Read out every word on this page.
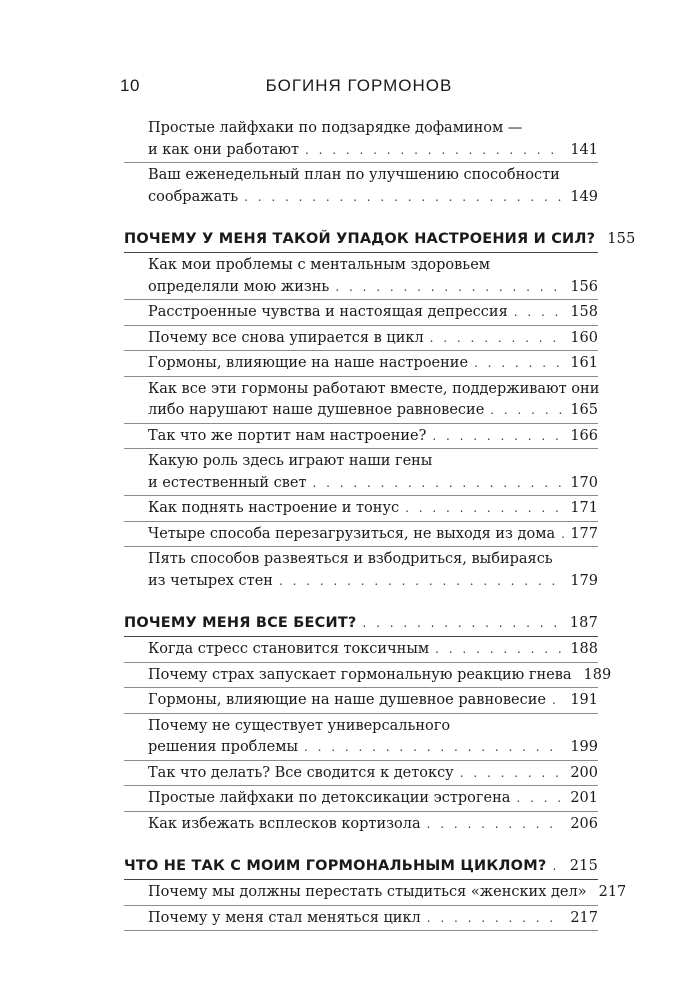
10	БОГИНЯ ГОРМОНОВ
Простые лайфхаки по подзарядке дофамином —
и как они работают . . .	141
Ваш еженедельный план по улучшению способности
соображать . . .	149
ПОЧЕМУ У МЕНЯ ТАКОЙ УПАДОК НАСТРОЕНИЯ И СИЛ? 155
Как мои проблемы с ментальным здоровьем
определяли мою жизнь . . .	156
Расстроенные чувства и настоящая депрессия . . .	158
Почему все снова упирается в цикл . . .	160
Гормоны, влияющие на наше настроение . . .	161
Как все эти гормоны работают вместе, поддерживают они
либо нарушают наше душевное равновесие . . .	165
Так что же портит нам настроение? . . .	166
Какую роль здесь играют наши гены
и естественный свет . . .	170
Как поднять настроение и тонус . . .	171
Четыре способа перезагрузиться, не выходя из дома . . . 177
Пять способов развеяться и взбодриться, выбираясь
из четырех стен . . .	179
ПОЧЕМУ МЕНЯ ВСЕ БЕСИТ? . . .	187
Когда стресс становится токсичным . . .	188
Почему страх запускает гормональную реакцию гнева 189
Гормоны, влияющие на наше душевное равновесие . . . 191
Почему не существует универсального
решения проблемы . . .	199
Так что делать? Все сводится к детоксу . . .	200
Простые лайфхаки по детоксикации эстрогена . . .	201
Как избежать всплесков кортизола . . .	206
ЧТО НЕ ТАК С МОИМ ГОРМОНАЛЬНЫМ ЦИКЛОМ? . . . 215
Почему мы должны перестать стыдиться «женских дел» 217
Почему у меня стал меняться цикл . . .	217
